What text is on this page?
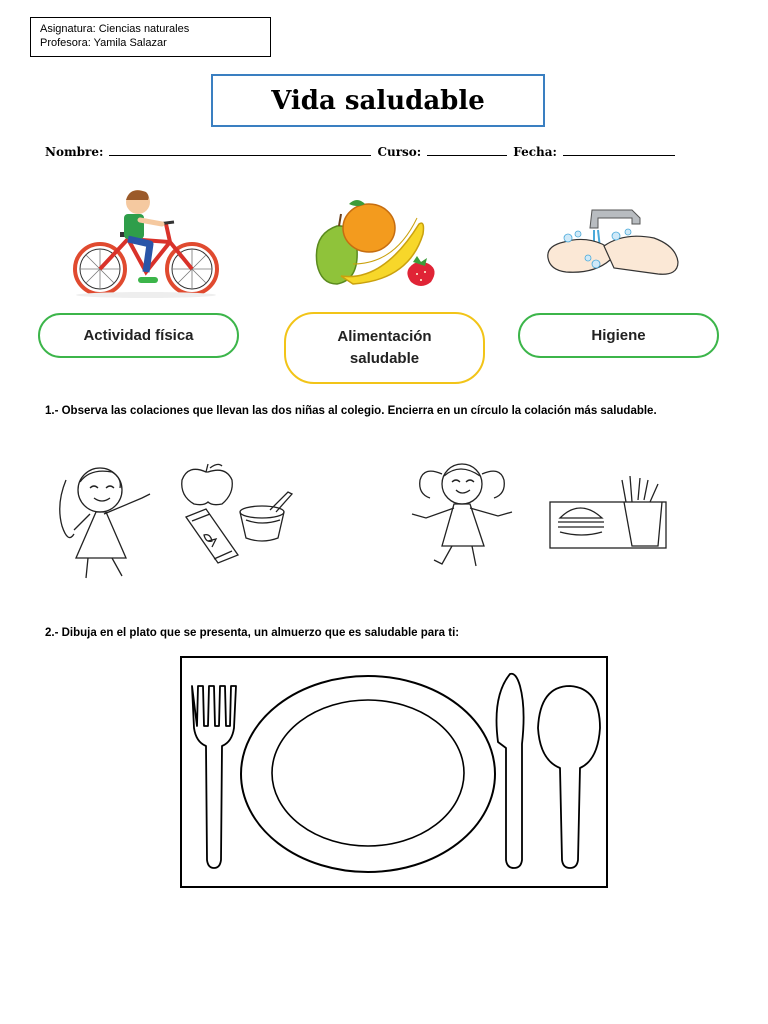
Asignatura: Ciencias naturales
Profesora: Yamila Salazar
Vida saludable
Nombre:	Curso:	Fecha:
Actividad física	Alimentación
saludable
Higiene
1.- Observa las colaciones que llevan las dos niñas al colegio. Encierra en un círculo la colación más saludable.
2.- Dibuja en el plato que se presenta, un almuerzo que es saludable para ti:
